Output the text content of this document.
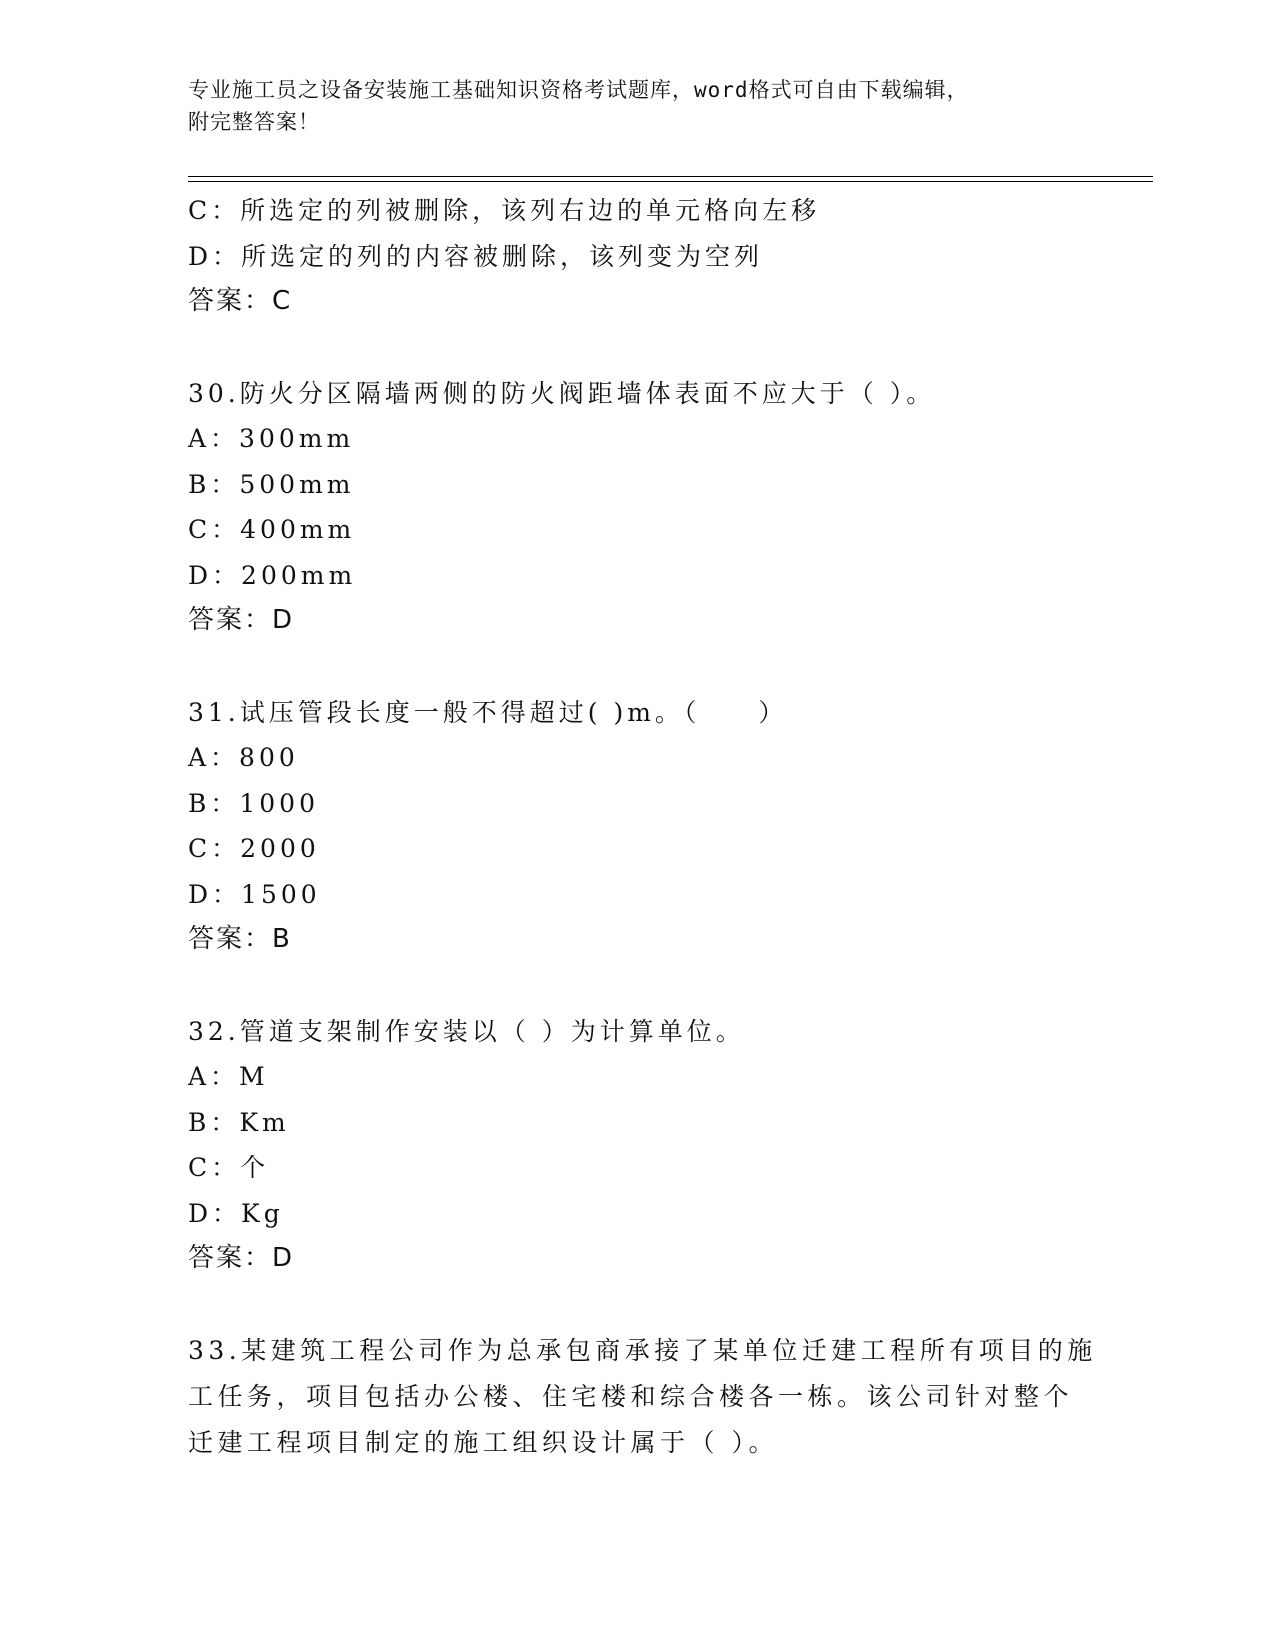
专业施工员之设备安装施工基础知识资格考试题库，word格式可自由下载编辑，
附完整答案！
C：所选定的列被删除，该列右边的单元格向左移
D：所选定的列的内容被删除，该列变为空列
答案：C
30.防火分区隔墙两侧的防火阀距墙体表面不应大于（ ）。
A：300mm
B：500mm
C：400mm
D：200mm
答案：D
31.试压管段长度一般不得超过( )m。（　　）
A：800
B：1000
C：2000
D：1500
答案：B
32.管道支架制作安装以（ ）为计算单位。
A：M
B：Km
C：个
D：Kg
答案：D
33.某建筑工程公司作为总承包商承接了某单位迁建工程所有项目的施
工任务，项目包括办公楼、住宅楼和综合楼各一栋。该公司针对整个
迁建工程项目制定的施工组织设计属于（ ）。
